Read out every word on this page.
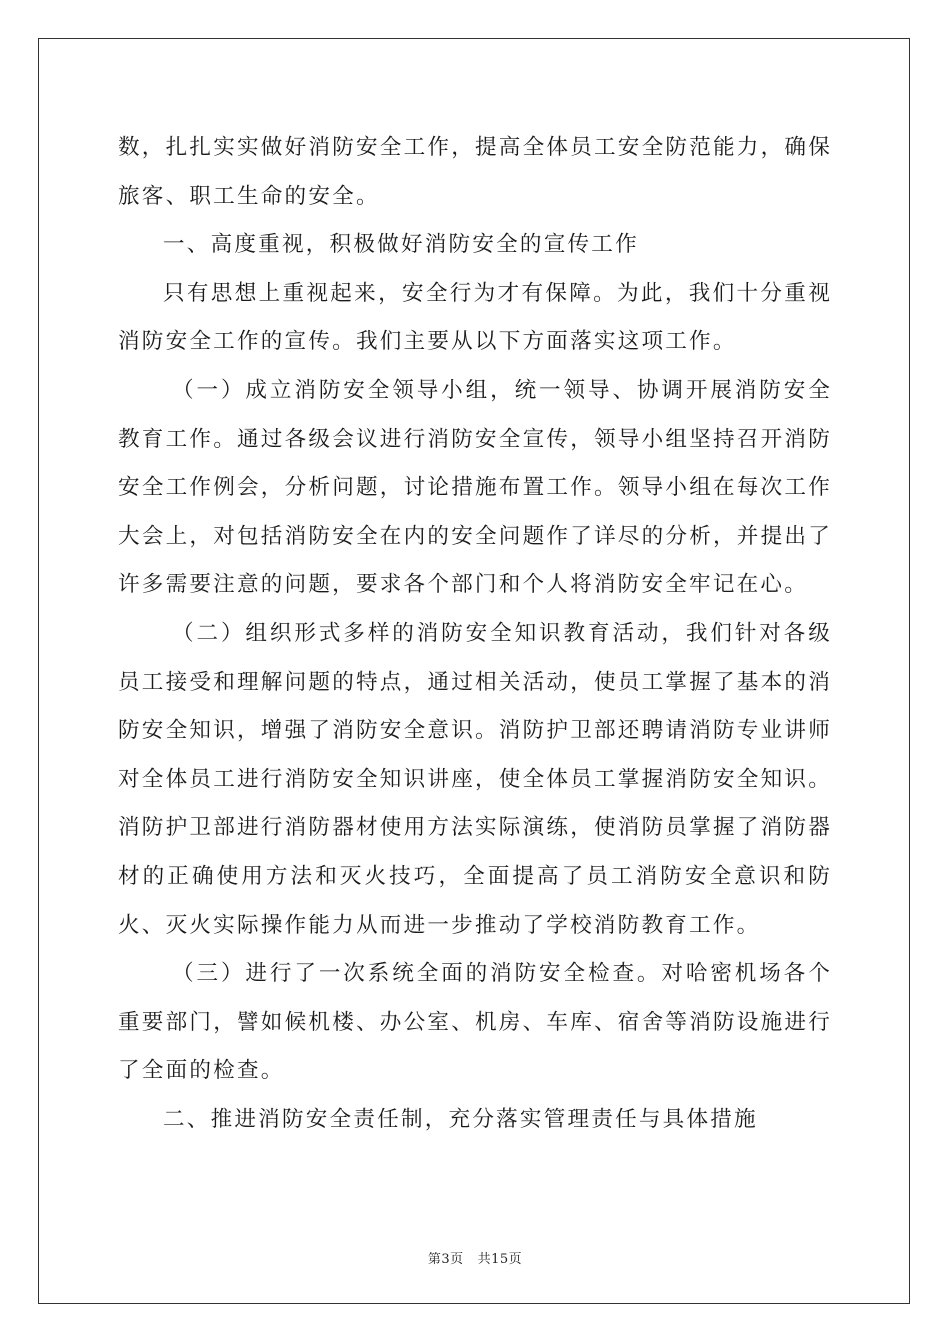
数，扎扎实实做好消防安全工作，提高全体员工安全防范能力，确保旅客、职工生命的安全。

一、高度重视，积极做好消防安全的宣传工作

只有思想上重视起来，安全行为才有保障。为此，我们十分重视消防安全工作的宣传。我们主要从以下方面落实这项工作。

（一）成立消防安全领导小组，统一领导、协调开展消防安全教育工作。通过各级会议进行消防安全宣传，领导小组坚持召开消防安全工作例会，分析问题，讨论措施布置工作。领导小组在每次工作大会上，对包括消防安全在内的安全问题作了详尽的分析，并提出了许多需要注意的问题，要求各个部门和个人将消防安全牢记在心。

（二）组织形式多样的消防安全知识教育活动，我们针对各级员工接受和理解问题的特点，通过相关活动，使员工掌握了基本的消防安全知识，增强了消防安全意识。消防护卫部还聘请消防专业讲师对全体员工进行消防安全知识讲座，使全体员工掌握消防安全知识。消防护卫部进行消防器材使用方法实际演练，使消防员掌握了消防器材的正确使用方法和灭火技巧，全面提高了员工消防安全意识和防火、灭火实际操作能力从而进一步推动了学校消防教育工作。

（三）进行了一次系统全面的消防安全检查。对哈密机场各个重要部门，譬如候机楼、办公室、机房、车库、宿舍等消防设施进行了全面的检查。

二、推进消防安全责任制，充分落实管理责任与具体措施

第3页 共15页
